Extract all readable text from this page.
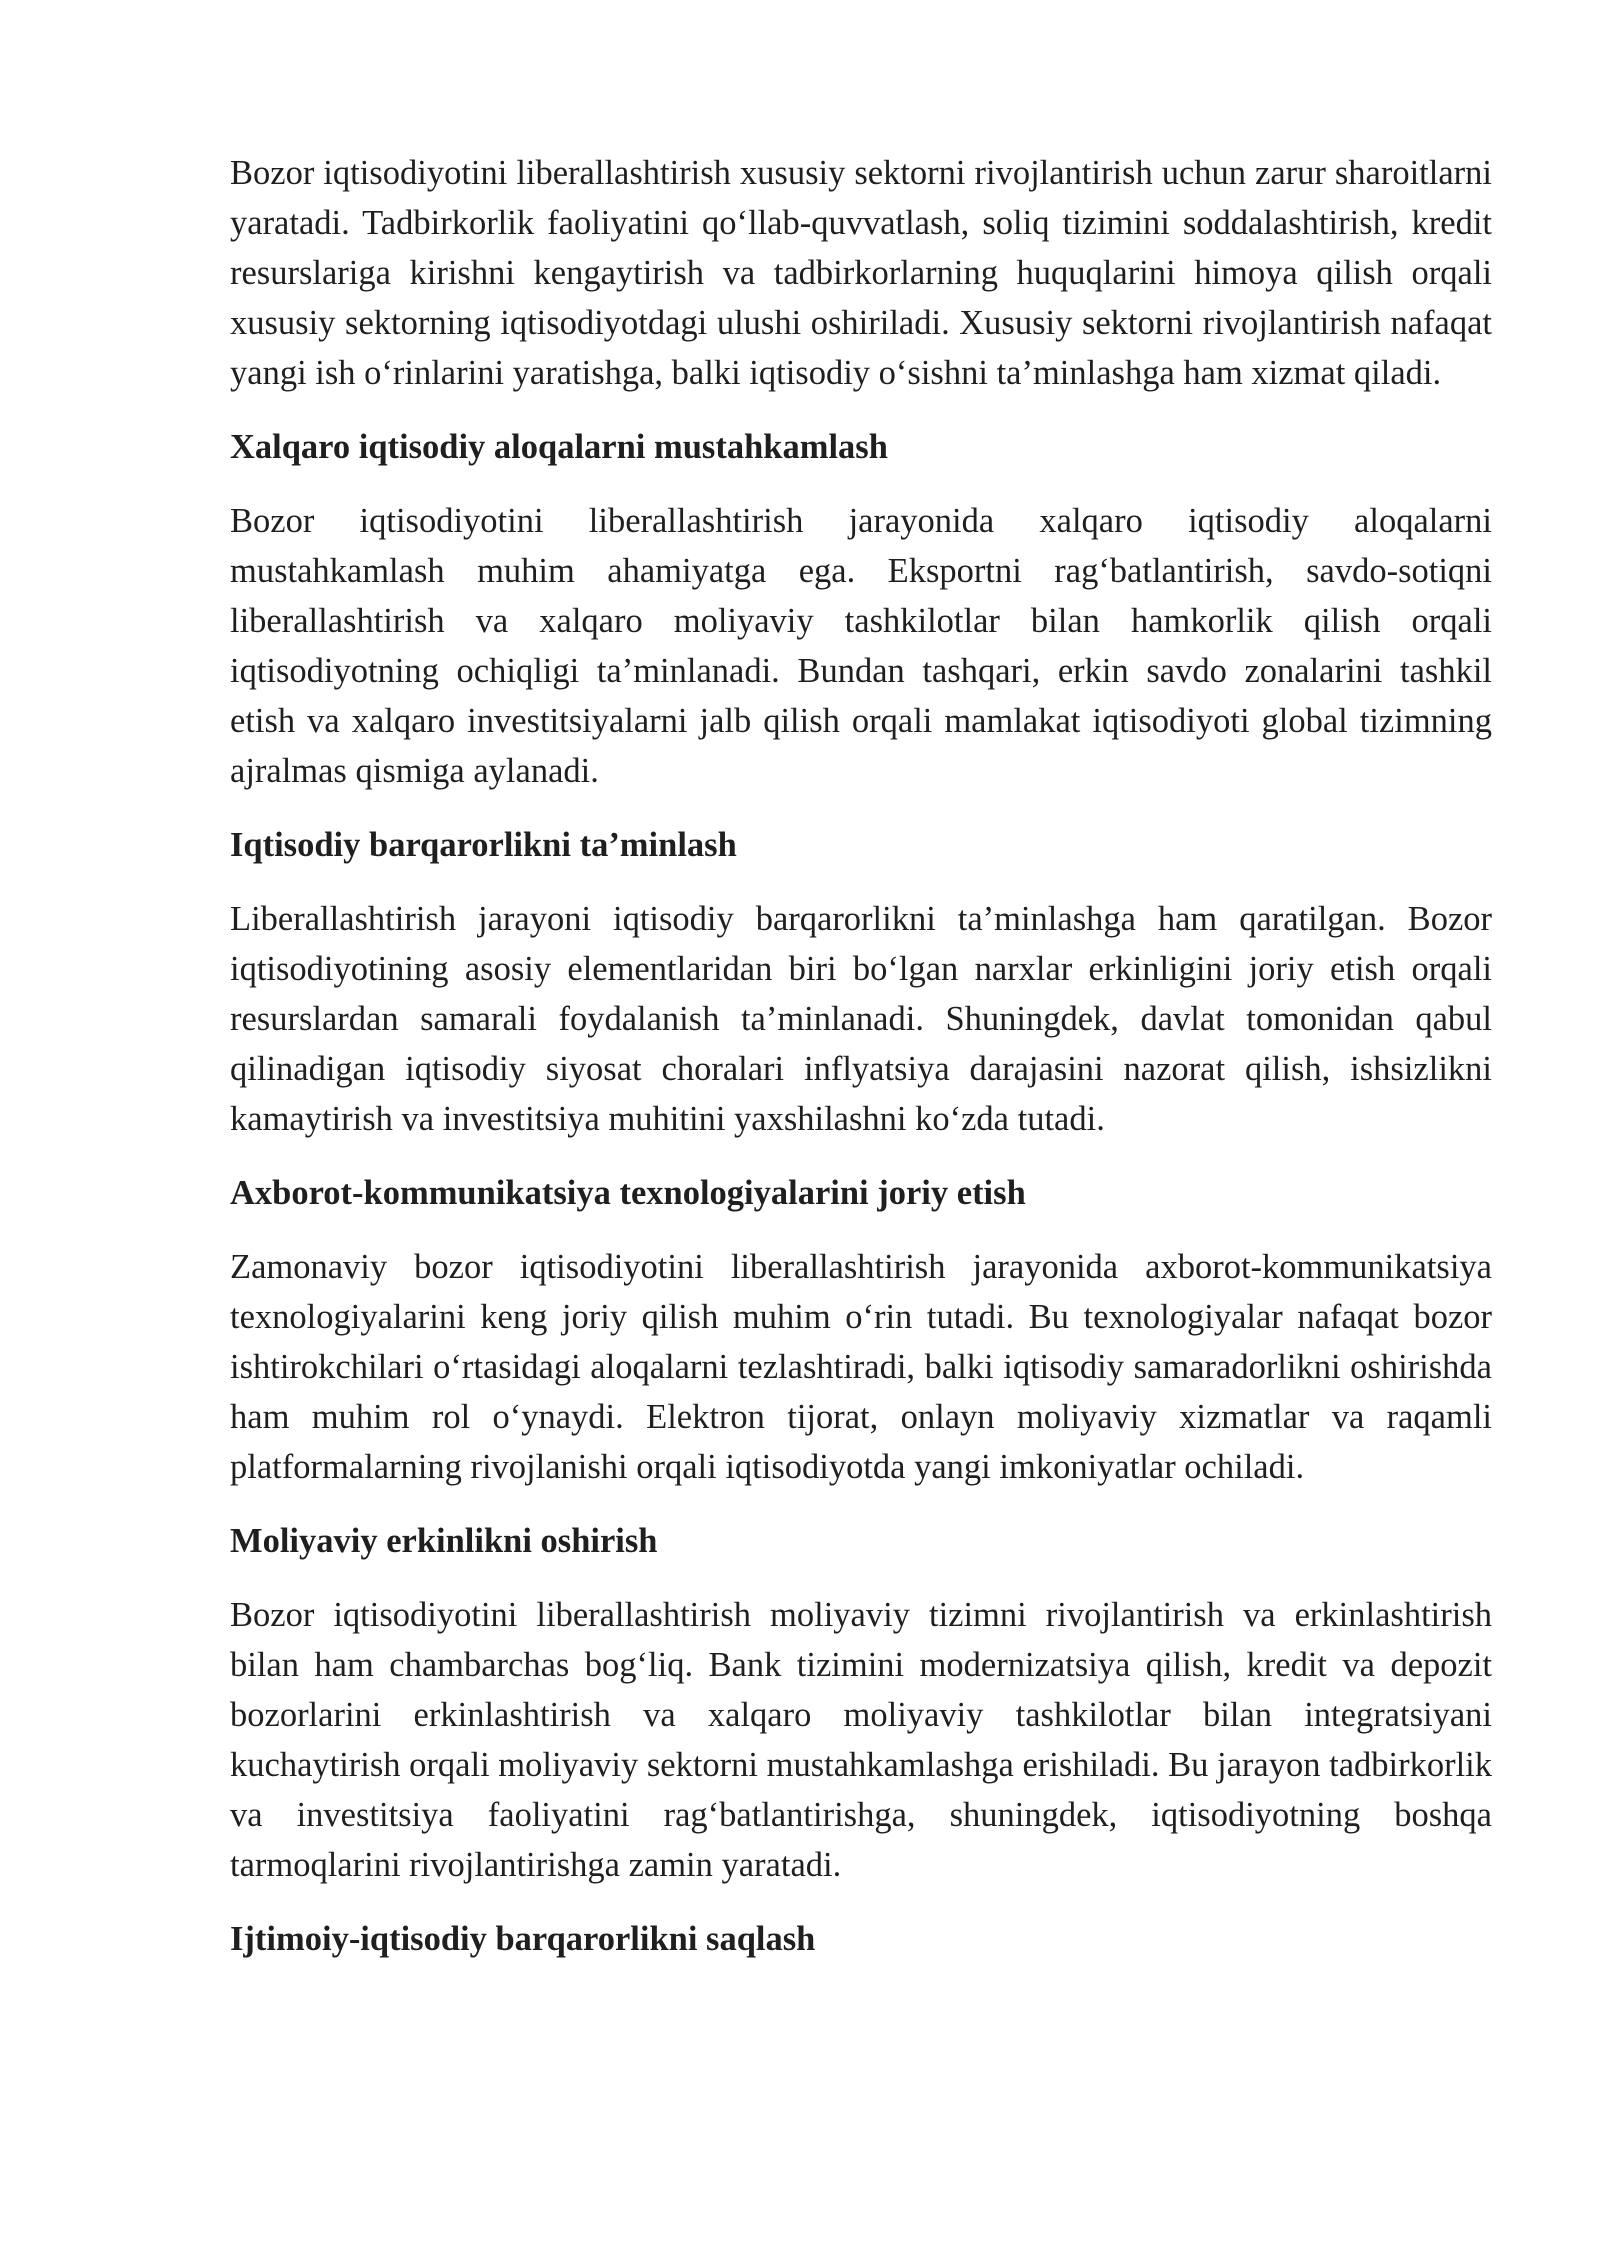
Bozor iqtisodiyotini liberallashtirish xususiy sektorni rivojlantirish uchun zarur sharoitlarni yaratadi. Tadbirkorlik faoliyatini qo‘llab-quvvatlash, soliq tizimini soddalashtirish, kredit resurslariga kirishni kengaytirish va tadbirkorlarning huquqlarini himoya qilish orqali xususiy sektorning iqtisodiyotdagi ulushi oshiriladi. Xususiy sektorni rivojlantirish nafaqat yangi ish o‘rinlarini yaratishga, balki iqtisodiy o‘sishni ta’minlashga ham xizmat qiladi.

Xalqaro iqtisodiy aloqalarni mustahkamlash

Bozor iqtisodiyotini liberallashtirish jarayonida xalqaro iqtisodiy aloqalarni mustahkamlash muhim ahamiyatga ega. Eksportni rag‘batlantirish, savdo-sotiqni liberallashtirish va xalqaro moliyaviy tashkilotlar bilan hamkorlik qilish orqali iqtisodiyotning ochiqligi ta’minlanadi. Bundan tashqari, erkin savdo zonalarini tashkil etish va xalqaro investitsiyalarni jalb qilish orqali mamlakat iqtisodiyoti global tizimning ajralmas qismiga aylanadi.

Iqtisodiy barqarorlikni ta’minlash

Liberallashtirish jarayoni iqtisodiy barqarorlikni ta’minlashga ham qaratilgan. Bozor iqtisodiyotining asosiy elementlaridan biri bo‘lgan narxlar erkinligini joriy etish orqali resurslardan samarali foydalanish ta’minlanadi. Shuningdek, davlat tomonidan qabul qilinadigan iqtisodiy siyosat choralari inflyatsiya darajasini nazorat qilish, ishsizlikni kamaytirish va investitsiya muhitini yaxshilashni ko‘zda tutadi.

Axborot-kommunikatsiya texnologiyalarini joriy etish

Zamonaviy bozor iqtisodiyotini liberallashtirish jarayonida axborot-kommunikatsiya texnologiyalarini keng joriy qilish muhim o‘rin tutadi. Bu texnologiyalar nafaqat bozor ishtirokchilari o‘rtasidagi aloqalarni tezlashtiradi, balki iqtisodiy samaradorlikni oshirishda ham muhim rol o‘ynaydi. Elektron tijorat, onlayn moliyaviy xizmatlar va raqamli platformalarning rivojlanishi orqali iqtisodiyotda yangi imkoniyatlar ochiladi.

Moliyaviy erkinlikni oshirish

Bozor iqtisodiyotini liberallashtirish moliyaviy tizimni rivojlantirish va erkinlashtirish bilan ham chambarchas bog‘liq. Bank tizimini modernizatsiya qilish, kredit va depozit bozorlarini erkinlashtirish va xalqaro moliyaviy tashkilotlar bilan integratsiyani kuchaytirish orqali moliyaviy sektorni mustahkamlashga erishiladi. Bu jarayon tadbirkorlik va investitsiya faoliyatini rag‘batlantirishga, shuningdek, iqtisodiyotning boshqa tarmoqlarini rivojlantirishga zamin yaratadi.

Ijtimoiy-iqtisodiy barqarorlikni saqlash
